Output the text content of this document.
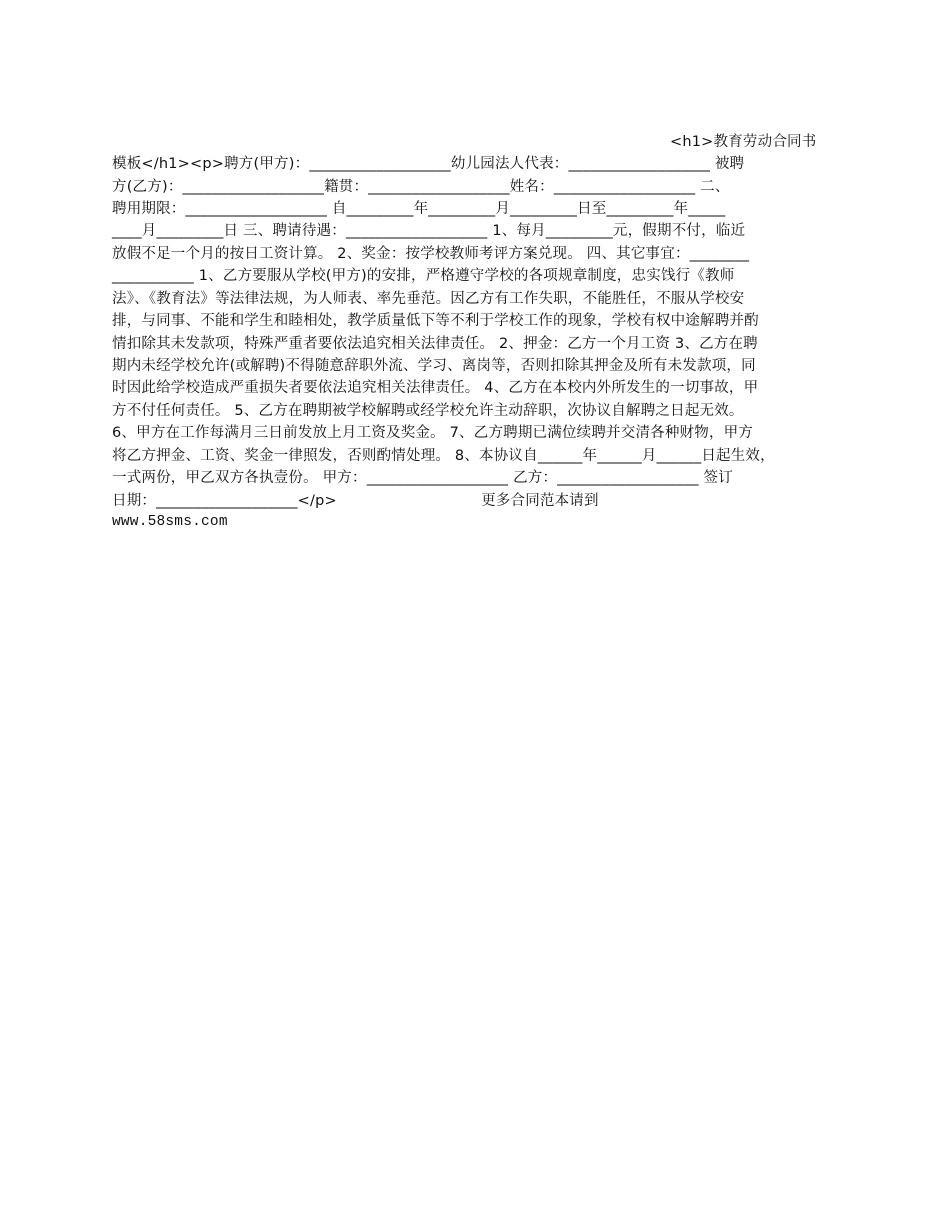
<h1>教育劳动合同书
模板</h1><p>聘方(甲方)：___________________幼儿园法人代表：___________________ 被聘
方(乙方)：___________________籍贯：___________________姓名：___________________ 二、
聘用期限：___________________ 自_________年_________月_________日至_________年_____
____月_________日 三、聘请待遇：___________________ 1、每月_________元，假期不付，临近
放假不足一个月的按日工资计算。 2、奖金：按学校教师考评方案兑现。 四、其它事宜：________
___________ 1、乙方要服从学校(甲方)的安排，严格遵守学校的各项规章制度，忠实饯行《教师
法》、《教育法》等法律法规，为人师表、率先垂范。因乙方有工作失职，不能胜任，不服从学校安
排，与同事、不能和学生和睦相处，教学质量低下等不利于学校工作的现象，学校有权中途解聘并酌
情扣除其未发款项，特殊严重者要依法追究相关法律责任。 2、押金：乙方一个月工资 3、乙方在聘
期内未经学校允许(或解聘)不得随意辞职外流、学习、离岗等，否则扣除其押金及所有未发款项，同
时因此给学校造成严重损失者要依法追究相关法律责任。 4、乙方在本校内外所发生的一切事故，甲
方不付任何责任。 5、乙方在聘期被学校解聘或经学校允许主动辞职，次协议自解聘之日起无效。
6、甲方在工作每满月三日前发放上月工资及奖金。 7、乙方聘期已满位续聘并交清各种财物，甲方
将乙方押金、工资、奖金一律照发，否则酌情处理。 8、本协议自______年______月______日起生效，
一式两份，甲乙双方各执壹份。 甲方：___________________ 乙方：___________________ 签订
日期：___________________</p>                              更多合同范本请到
www.58sms.com
